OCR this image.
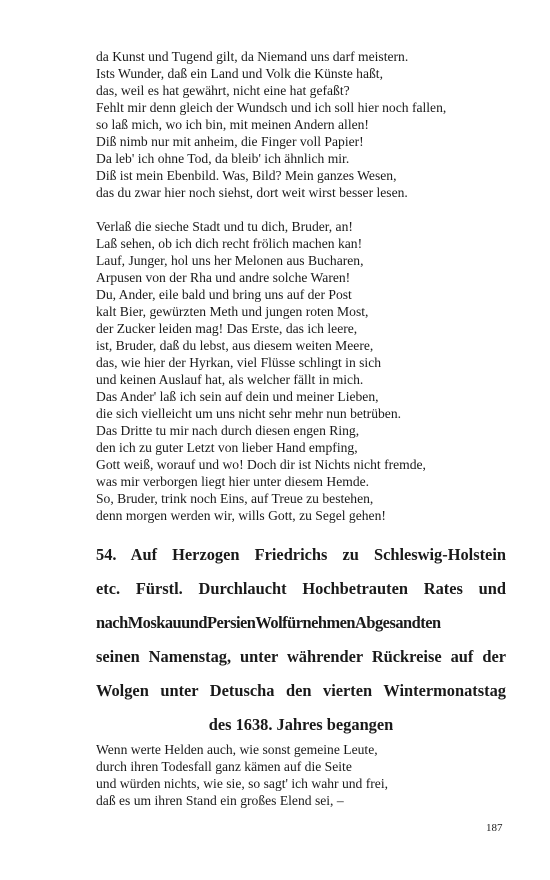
da Kunst und Tugend gilt, da Niemand uns darf meistern.
Ists Wunder, daß ein Land und Volk die Künste haßt,
das, weil es hat gewährt, nicht eine hat gefaßt?
Fehlt mir denn gleich der Wundsch und ich soll hier noch fallen,
so laß mich, wo ich bin, mit meinen Andern allen!
Diß nimb nur mit anheim, die Finger voll Papier!
Da leb' ich ohne Tod, da bleib' ich ähnlich mir.
Diß ist mein Ebenbild. Was, Bild? Mein ganzes Wesen,
das du zwar hier noch siehst, dort weit wirst besser lesen.
Verlaß die sieche Stadt und tu dich, Bruder, an!
Laß sehen, ob ich dich recht frölich machen kan!
Lauf, Junger, hol uns her Melonen aus Bucharen,
Arpusen von der Rha und andre solche Waren!
Du, Ander, eile bald und bring uns auf der Post
kalt Bier, gewürzten Meth und jungen roten Most,
der Zucker leiden mag! Das Erste, das ich leere,
ist, Bruder, daß du lebst, aus diesem weiten Meere,
das, wie hier der Hyrkan, viel Flüsse schlingt in sich
und keinen Auslauf hat, als welcher fällt in mich.
Das Ander' laß ich sein auf dein und meiner Lieben,
die sich vielleicht um uns nicht sehr mehr nun betrüben.
Das Dritte tu mir nach durch diesen engen Ring,
den ich zu guter Letzt von lieber Hand empfing,
Gott weiß, worauf und wo! Doch dir ist Nichts nicht fremde,
was mir verborgen liegt hier unter diesem Hemde.
So, Bruder, trink noch Eins, auf Treue zu bestehen,
denn morgen werden wir, wills Gott, zu Segel gehen!
54. Auf Herzogen Friedrichs zu Schleswig-Holstein
etc. Fürstl. Durchlaucht Hochbetrauten Rates und
nachMoskauundPersienWolfürnehmenAbgesandten
seinen Namenstag, unter währender Rückreise auf der
Wolgen unter Detuscha den vierten Wintermonatstag
des 1638. Jahres begangen
Wenn werte Helden auch, wie sonst gemeine Leute,
durch ihren Todesfall ganz kämen auf die Seite
und würden nichts, wie sie, so sagt' ich wahr und frei,
daß es um ihren Stand ein großes Elend sei, –
187
